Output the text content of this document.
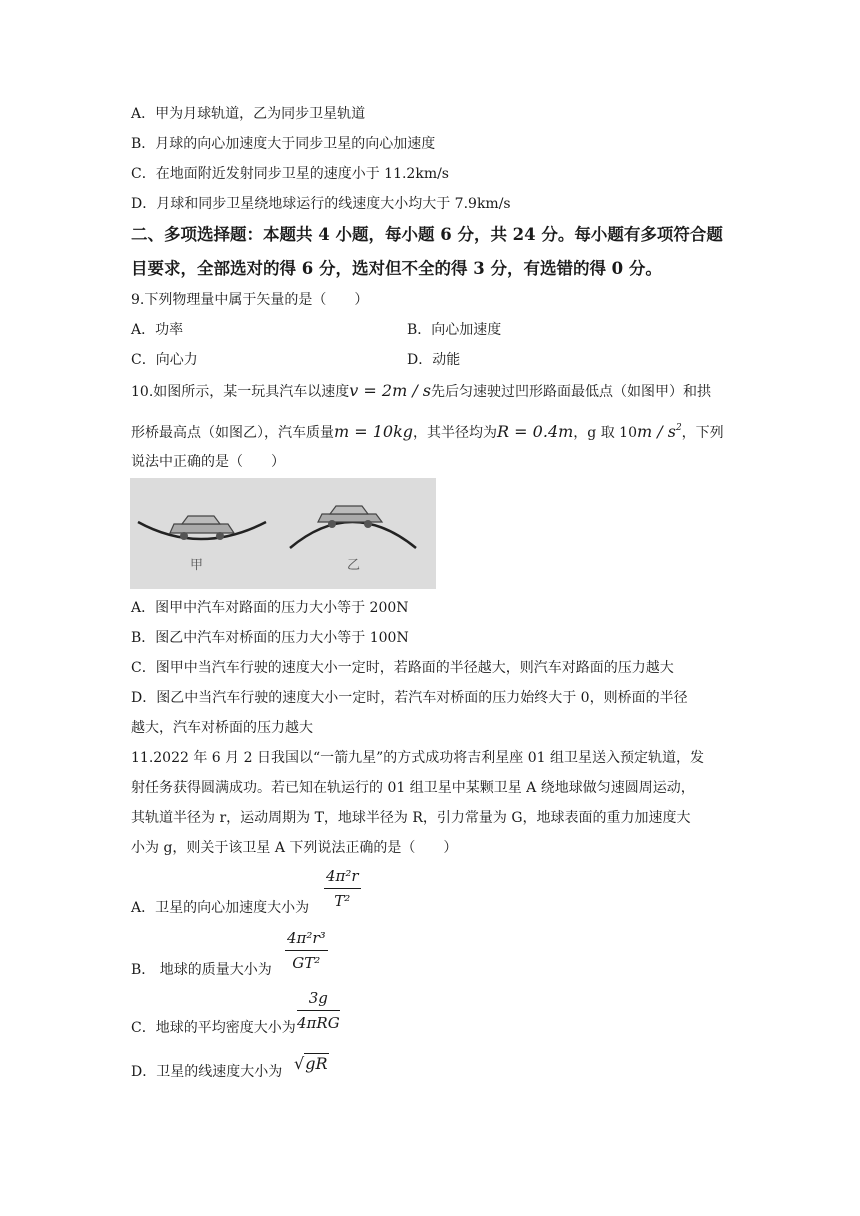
A．甲为月球轨道，乙为同步卫星轨道
B．月球的向心加速度大于同步卫星的向心加速度
C．在地面附近发射同步卫星的速度小于 11.2km/s
D．月球和同步卫星绕地球运行的线速度大小均大于 7.9km/s
二、多项选择题：本题共 4 小题，每小题 6 分，共 24 分。每小题有多项符合题
目要求，全部选对的得 6 分，选对但不全的得 3 分，有选错的得 0 分。
9.下列物理量中属于矢量的是（　　）
A．功率	B．向心加速度
C．向心力	D．动能
10.如图所示，某一玩具汽车以速度v = 2m / s先后匀速驶过凹形路面最低点（如图甲）和拱
形桥最高点（如图乙），汽车质量m = 10kg，其半径均为R = 0.4m，g 取 $10m / s^2$，下列
说法中正确的是（　　）
甲	乙
A．图甲中汽车对路面的压力大小等于 200N
B．图乙中汽车对桥面的压力大小等于 100N
C．图甲中当汽车行驶的速度大小一定时，若路面的半径越大，则汽车对路面的压力越大
D．图乙中当汽车行驶的速度大小一定时，若汽车对桥面的压力始终大于 0，则桥面的半径
越大，汽车对桥面的压力越大
11.2022 年 6 月 2 日我国以“一箭九星”的方式成功将吉利星座 01 组卫星送入预定轨道，发
射任务获得圆满成功。若已知在轨运行的 01 组卫星中某颗卫星 A 绕地球做匀速圆周运动，
其轨道半径为 r，运动周期为 T，地球半径为 R，引力常量为 G，地球表面的重力加速度大
小为 g，则关于该卫星 A 下列说法正确的是（　　）
A．卫星的向心加速度大小为 $\frac{\text{4π²r}}{\text{T²}}$
B． 地球的质量大小为 $\frac{\text{4π²r³}}{\text{GT²}}$
C．地球的平均密度大小为
3g
4πRG
D．卫星的线速度大小为 √gR
